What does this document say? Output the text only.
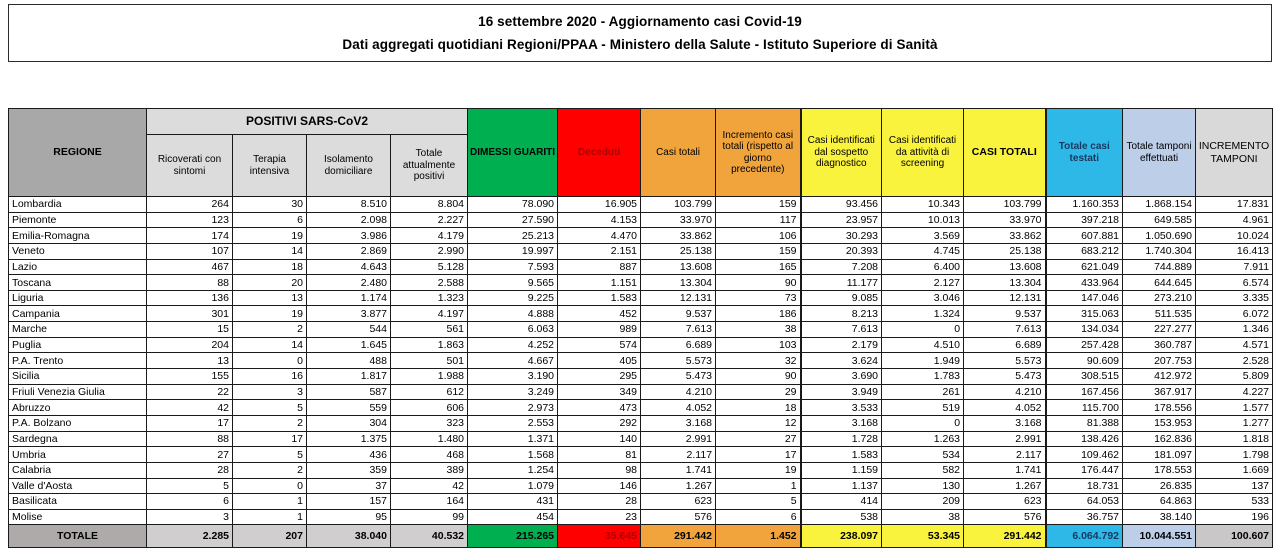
16 settembre 2020 - Aggiornamento casi Covid-19
Dati aggregati quotidiani Regioni/PPAA - Ministero della Salute - Istituto Superiore di Sanità
REGIONE	POSITIVI SARS-CoV2				DIMESSI GUARITI	Deceduti	Casi totali	Incremento casi totali (rispetto al giorno precedente)	Casi identificati dal sospetto diagnostico	Casi identificati da attività di screening	CASI TOTALI	Totale casi testati	Totale tamponi effettuati	INCREMENTO TAMPONI
	Ricoverati con sintomi	Terapia intensiva	Isolamento domiciliare	Totale attualmente positivi										
Lombardia	264	30	8.510	8.804	78.090	16.905	103.799	159	93.456	10.343	103.799	1.160.353	1.868.154	17.831
Piemonte	123	6	2.098	2.227	27.590	4.153	33.970	117	23.957	10.013	33.970	397.218	649.585	4.961
Emilia-Romagna	174	19	3.986	4.179	25.213	4.470	33.862	106	30.293	3.569	33.862	607.881	1.050.690	10.024
Veneto	107	14	2.869	2.990	19.997	2.151	25.138	159	20.393	4.745	25.138	683.212	1.740.304	16.413
Lazio	467	18	4.643	5.128	7.593	887	13.608	165	7.208	6.400	13.608	621.049	744.889	7.911
Toscana	88	20	2.480	2.588	9.565	1.151	13.304	90	11.177	2.127	13.304	433.964	644.645	6.574
Liguria	136	13	1.174	1.323	9.225	1.583	12.131	73	9.085	3.046	12.131	147.046	273.210	3.335
Campania	301	19	3.877	4.197	4.888	452	9.537	186	8.213	1.324	9.537	315.063	511.535	6.072
Marche	15	2	544	561	6.063	989	7.613	38	7.613	0	7.613	134.034	227.277	1.346
Puglia	204	14	1.645	1.863	4.252	574	6.689	103	2.179	4.510	6.689	257.428	360.787	4.571
P.A. Trento	13	0	488	501	4.667	405	5.573	32	3.624	1.949	5.573	90.609	207.753	2.528
Sicilia	155	16	1.817	1.988	3.190	295	5.473	90	3.690	1.783	5.473	308.515	412.972	5.809
Friuli Venezia Giulia	22	3	587	612	3.249	349	4.210	29	3.949	261	4.210	167.456	367.917	4.227
Abruzzo	42	5	559	606	2.973	473	4.052	18	3.533	519	4.052	115.700	178.556	1.577
P.A. Bolzano	17	2	304	323	2.553	292	3.168	12	3.168	0	3.168	81.388	153.953	1.277
Sardegna	88	17	1.375	1.480	1.371	140	2.991	27	1.728	1.263	2.991	138.426	162.836	1.818
Umbria	27	5	436	468	1.568	81	2.117	17	1.583	534	2.117	109.462	181.097	1.798
Calabria	28	2	359	389	1.254	98	1.741	19	1.159	582	1.741	176.447	178.553	1.669
Valle d'Aosta	5	0	37	42	1.079	146	1.267	1	1.137	130	1.267	18.731	26.835	137
Basilicata	6	1	157	164	431	28	623	5	414	209	623	64.053	64.863	533
Molise	3	1	95	99	454	23	576	6	538	38	576	36.757	38.140	196
TOTALE	2.285	207	38.040	40.532	215.265	35.645	291.442	1.452	238.097	53.345	291.442	6.064.792	10.044.551	100.607
